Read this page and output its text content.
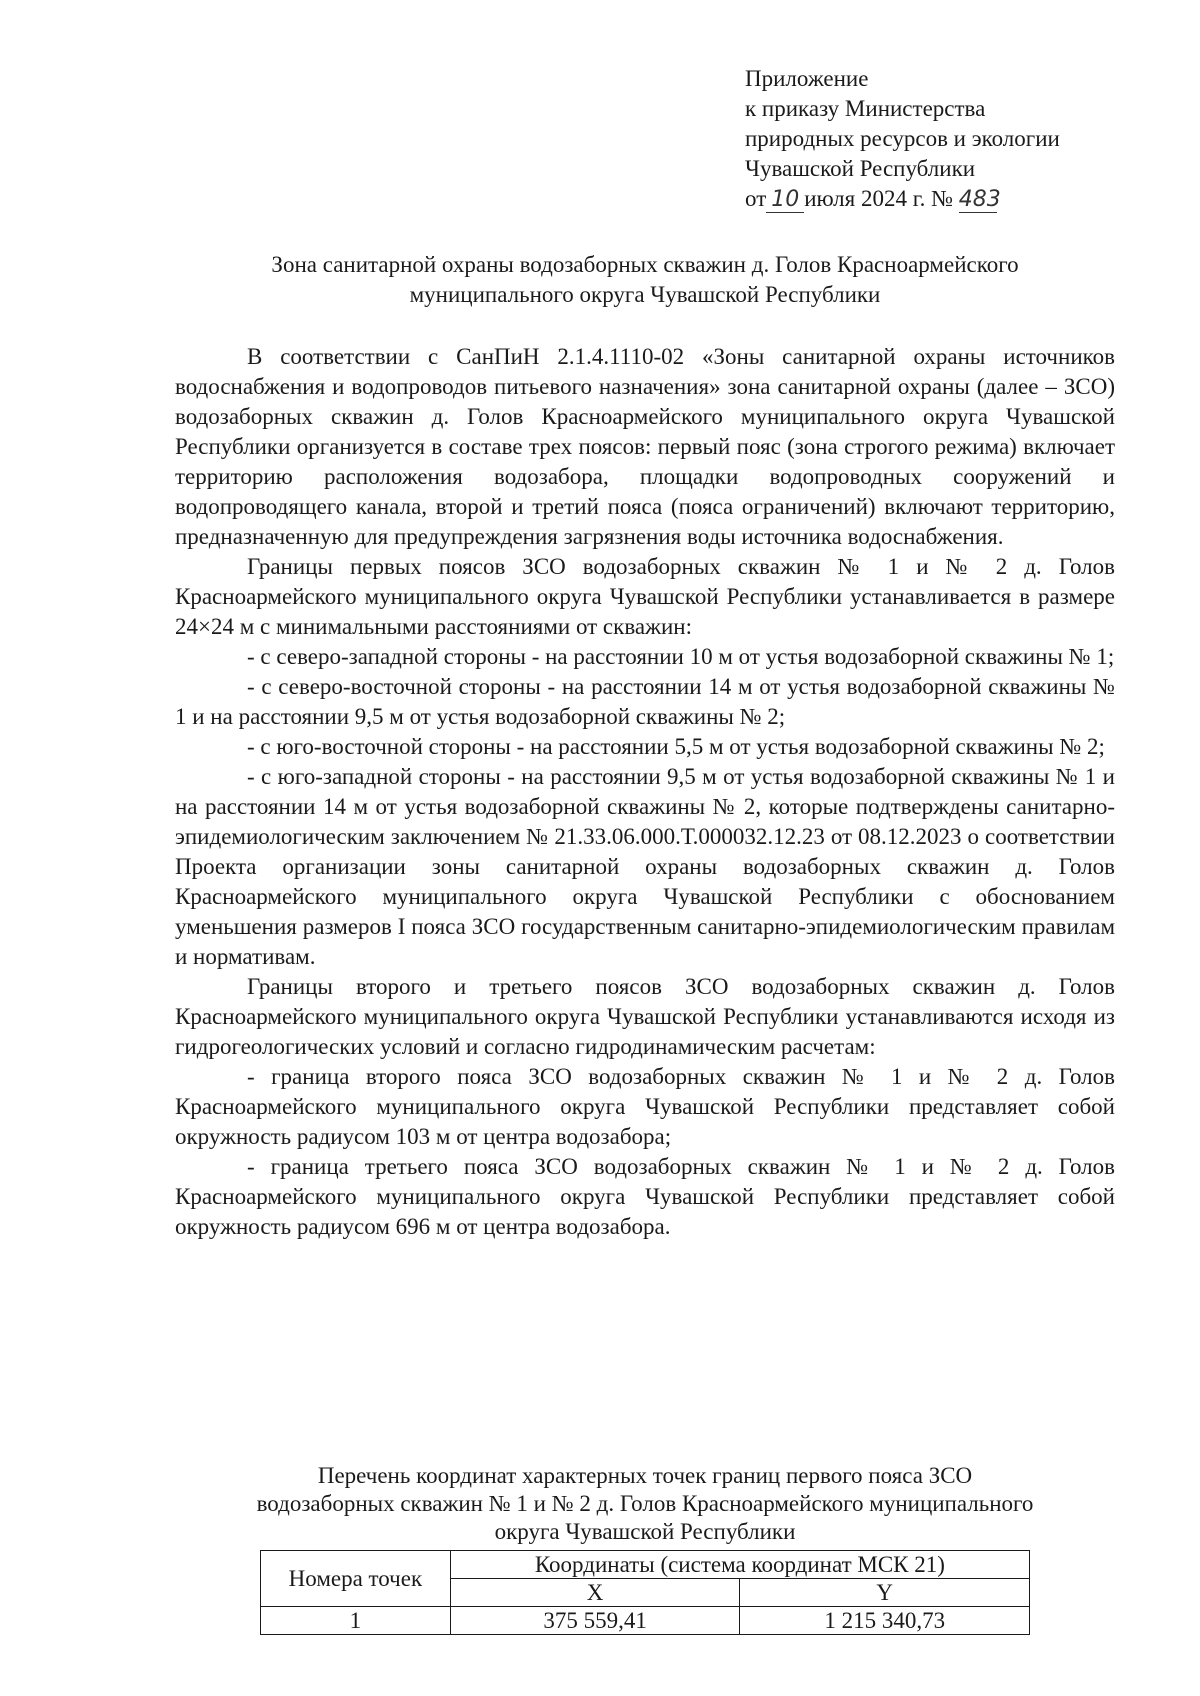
Приложение
к приказу Министерства
природных ресурсов и экологии
Чувашской Республики
от 10 июля 2024 г. № 483
Зона санитарной охраны водозаборных скважин д. Голов Красноармейского
муниципального округа Чувашской Республики

В соответствии с СанПиН 2.1.4.1110-02 «Зоны санитарной охраны источников водоснабжения и водопроводов питьевого назначения» зона санитарной охраны (далее – ЗСО) водозаборных скважин д. Голов Красноармейского муниципального округа Чувашской Республики организуется в составе трех поясов: первый пояс (зона строгого режима) включает территорию расположения водозабора, площадки водопроводных сооружений и водопроводящего канала, второй и третий пояса (пояса ограничений) включают территорию, предназначенную для предупреждения загрязнения воды источника водоснабжения.

Границы первых поясов ЗСО водозаборных скважин № 1 и № 2 д. Голов Красноармейского муниципального округа Чувашской Республики устанавливается в размере 24×24 м с минимальными расстояниями от скважин:

- с северо-западной стороны - на расстоянии 10 м от устья водозаборной скважины № 1;

- с северо-восточной стороны - на расстоянии 14 м от устья водозаборной скважины № 1 и на расстоянии 9,5 м от устья водозаборной скважины № 2;

- с юго-восточной стороны - на расстоянии 5,5 м от устья водозаборной скважины № 2;

- с юго-западной стороны - на расстоянии 9,5 м от устья водозаборной скважины № 1 и на расстоянии 14 м от устья водозаборной скважины № 2, которые подтверждены санитарно-эпидемиологическим заключением № 21.33.06.000.Т.000032.12.23 от 08.12.2023 о соответствии Проекта организации зоны санитарной охраны водозаборных скважин д. Голов Красноармейского муниципального округа Чувашской Республики с обоснованием уменьшения размеров I пояса ЗСО государственным санитарно-эпидемиологическим правилам и нормативам.

Границы второго и третьего поясов ЗСО водозаборных скважин д. Голов Красноармейского муниципального округа Чувашской Республики устанавливаются исходя из гидрогеологических условий и согласно гидродинамическим расчетам:

- граница второго пояса ЗСО водозаборных скважин № 1 и № 2 д. Голов Красноармейского муниципального округа Чувашской Республики представляет собой окружность радиусом 103 м от центра водозабора;

- граница третьего пояса ЗСО водозаборных скважин № 1 и № 2 д. Голов Красноармейского муниципального округа Чувашской Республики представляет собой окружность радиусом 696 м от центра водозабора.

Перечень координат характерных точек границ первого пояса ЗСО
водозаборных скважин № 1 и № 2 д. Голов Красноармейского муниципального
округа Чувашской Республики
Номера точек	Координаты (система координат МСК 21)	
	X	Y
1	375 559,41	1 215 340,73
